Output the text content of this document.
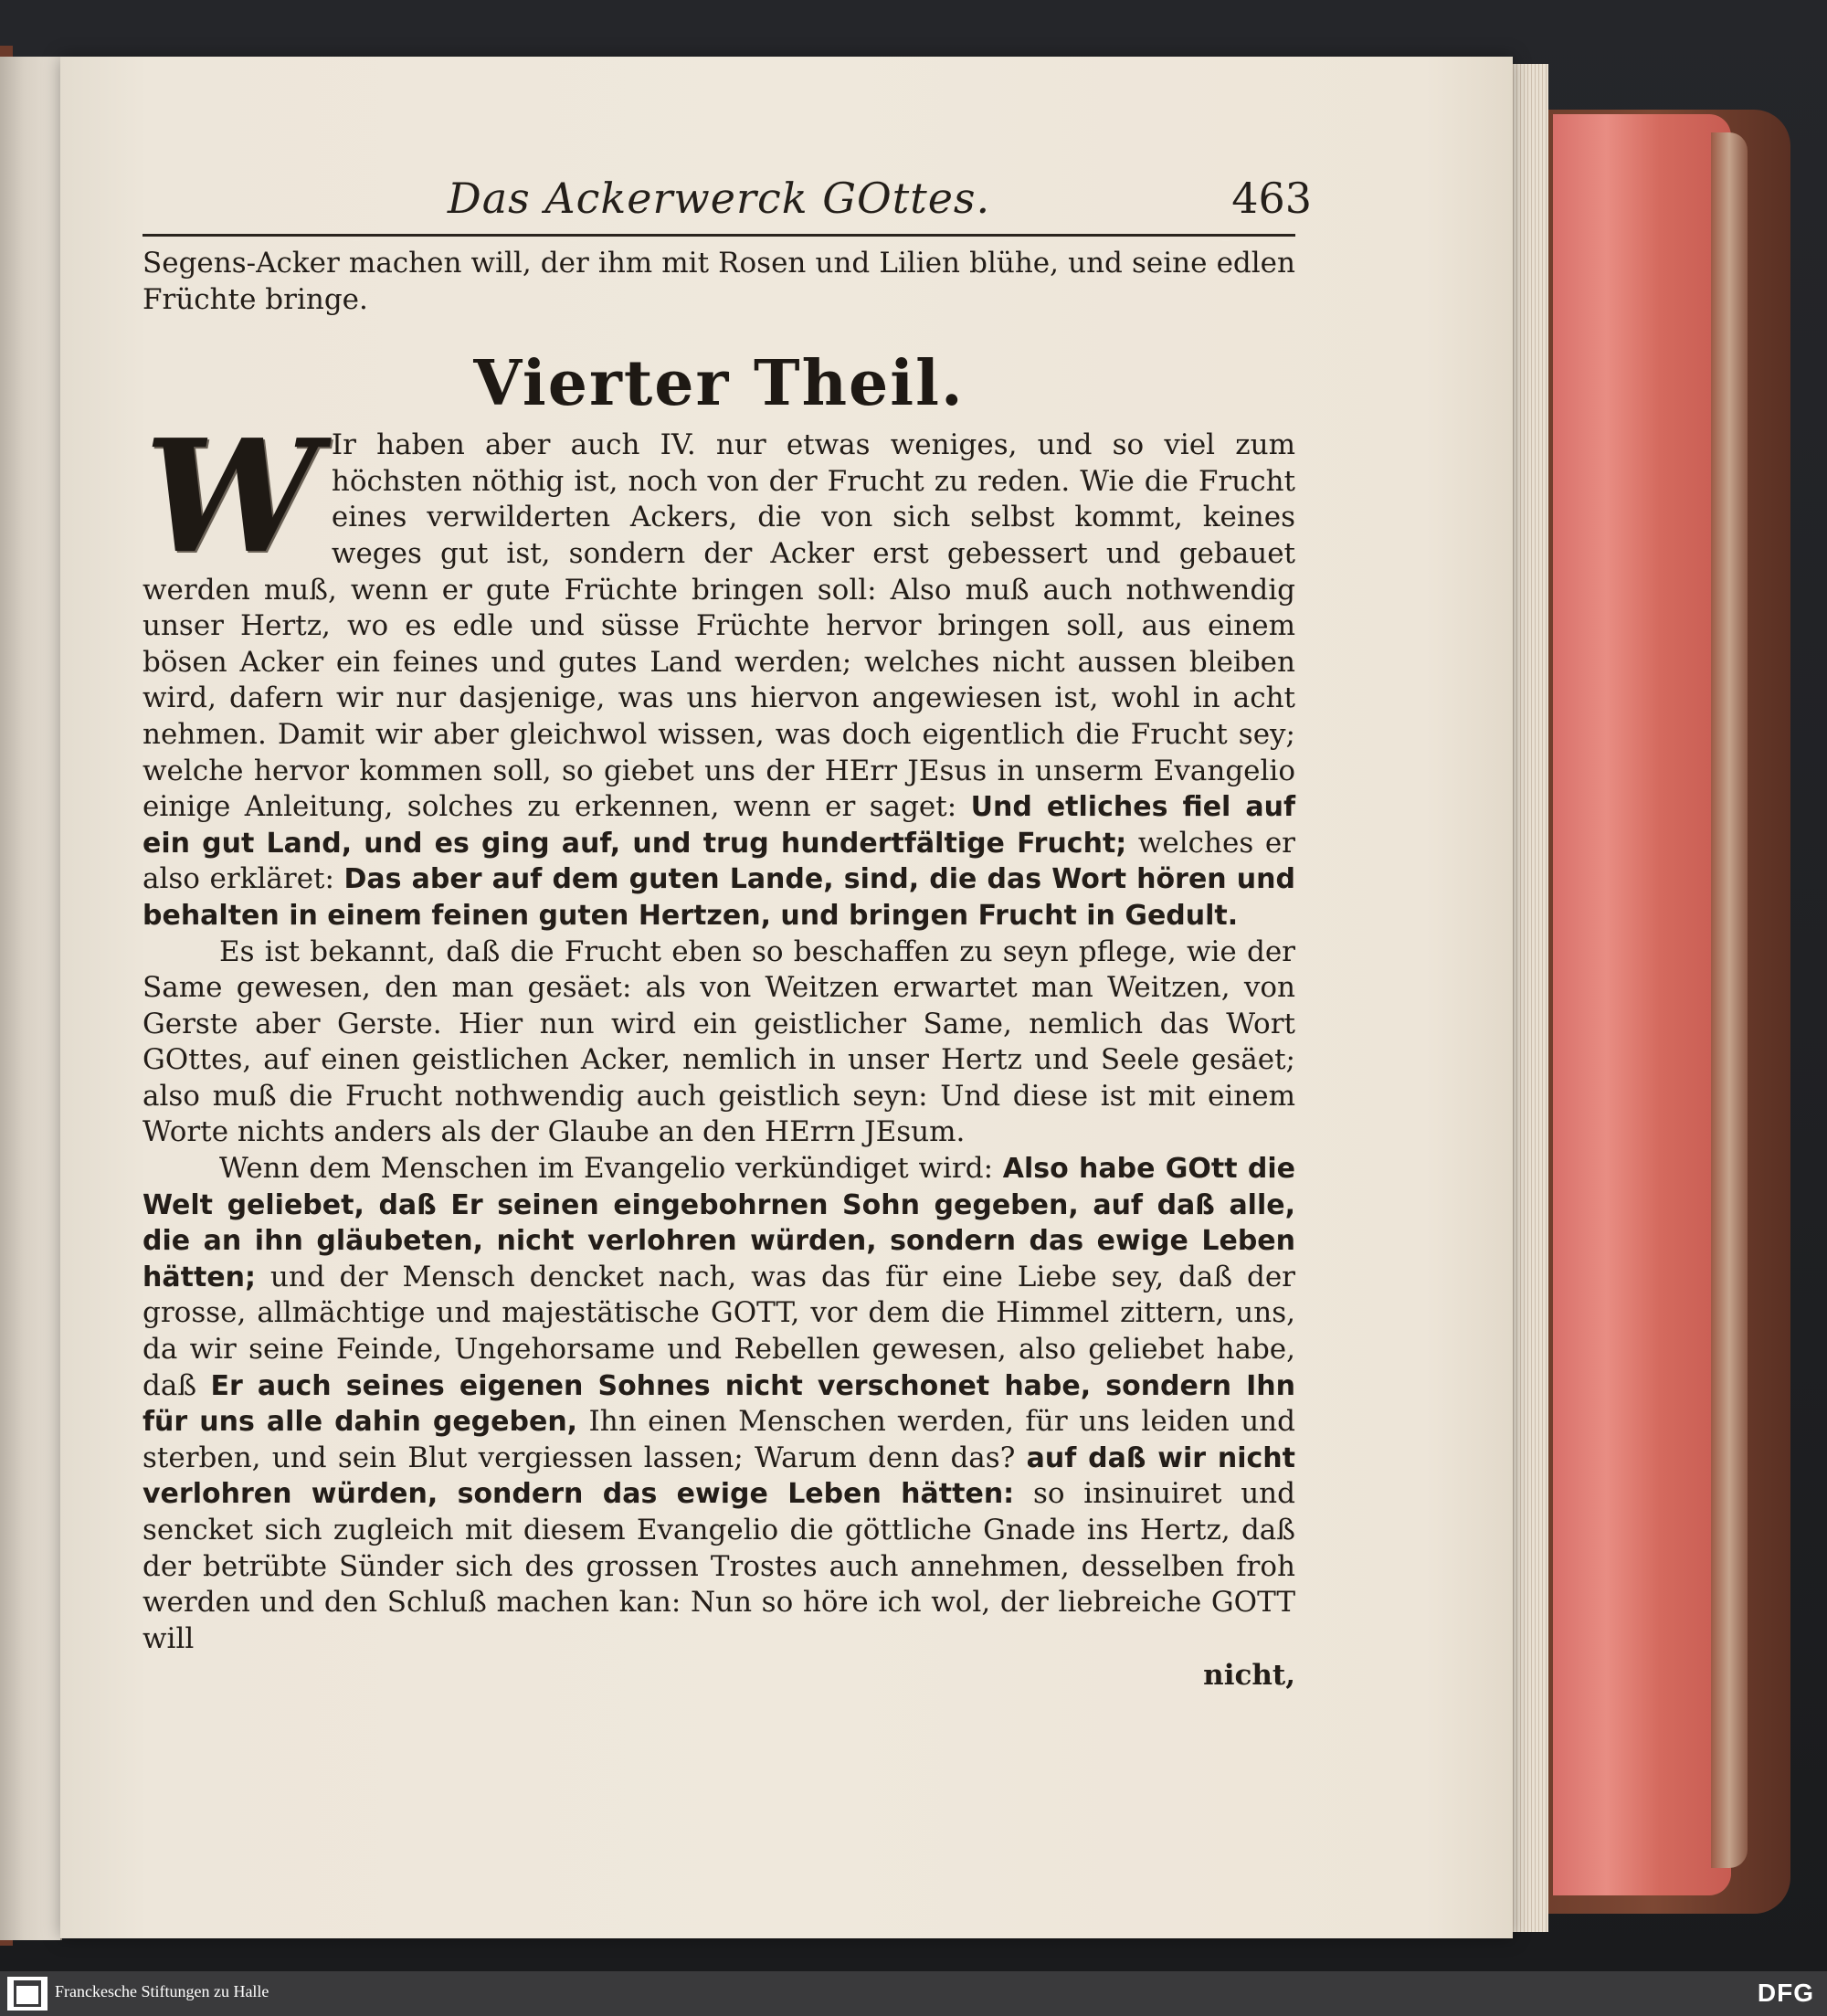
Das Ackerwerck GOttes.	463

Segens-Acker machen will, der ihm mit Rosen und Lilien blühe, und seine edlen Früchte bringe.

Vierter Theil.

W Ir haben aber auch IV. nur etwas weniges, und so viel zum höchsten nöthig ist, noch von der Frucht zu reden. Wie die Frucht eines verwilderten Ackers, die von sich selbst kommt, keines weges gut ist, sondern der Acker erst gebessert und gebauet werden muß, wenn er gute Früchte bringen soll: Also muß auch nothwendig unser Hertz, wo es edle und süsse Früchte hervor bringen soll, aus einem bösen Acker ein feines und gutes Land werden; welches nicht aussen bleiben wird, dafern wir nur dasjenige, was uns hiervon angewiesen ist, wohl in acht nehmen. Damit wir aber gleichwol wissen, was doch eigentlich die Frucht sey; welche hervor kommen soll, so giebet uns der HErr JEsus in unserm Evangelio einige Anleitung, solches zu erkennen, wenn er saget: Und etliches fiel auf ein gut Land, und es ging auf, und trug hundertfältige Frucht; welches er also erkläret: Das aber auf dem guten Lande, sind, die das Wort hören und behalten in einem feinen guten Hertzen, und bringen Frucht in Gedult.

Es ist bekannt, daß die Frucht eben so beschaffen zu seyn pflege, wie der Same gewesen, den man gesäet: als von Weitzen erwartet man Weitzen, von Gerste aber Gerste. Hier nun wird ein geistlicher Same, nemlich das Wort GOttes, auf einen geistlichen Acker, nemlich in unser Hertz und Seele gesäet; also muß die Frucht nothwendig auch geistlich seyn: Und diese ist mit einem Worte nichts anders als der Glaube an den HErrn JEsum.

Wenn dem Menschen im Evangelio verkündiget wird: Also habe GOtt die Welt geliebet, daß Er seinen eingebohrnen Sohn gegeben, auf daß alle, die an ihn gläubeten, nicht verlohren würden, sondern das ewige Leben hätten; und der Mensch dencket nach, was das für eine Liebe sey, daß der grosse, allmächtige und majestätische GOTT, vor dem die Himmel zittern, uns, da wir seine Feinde, Ungehorsame und Rebellen gewesen, also geliebet habe, daß Er auch seines eigenen Sohnes nicht verschonet habe, sondern Ihn für uns alle dahin gegeben, Ihn einen Menschen werden, für uns leiden und sterben, und sein Blut vergiessen lassen; Warum denn das? auf daß wir nicht verlohren würden, sondern das ewige Leben hätten: so insinuiret und sencket sich zugleich mit diesem Evangelio die göttliche Gnade ins Hertz, daß der betrübte Sünder sich des grossen Trostes auch annehmen, desselben froh werden und den Schluß machen kan: Nun so höre ich wol, der liebreiche GOTT will

nicht,
Franckesche Stiftungen zu Halle	DFG
